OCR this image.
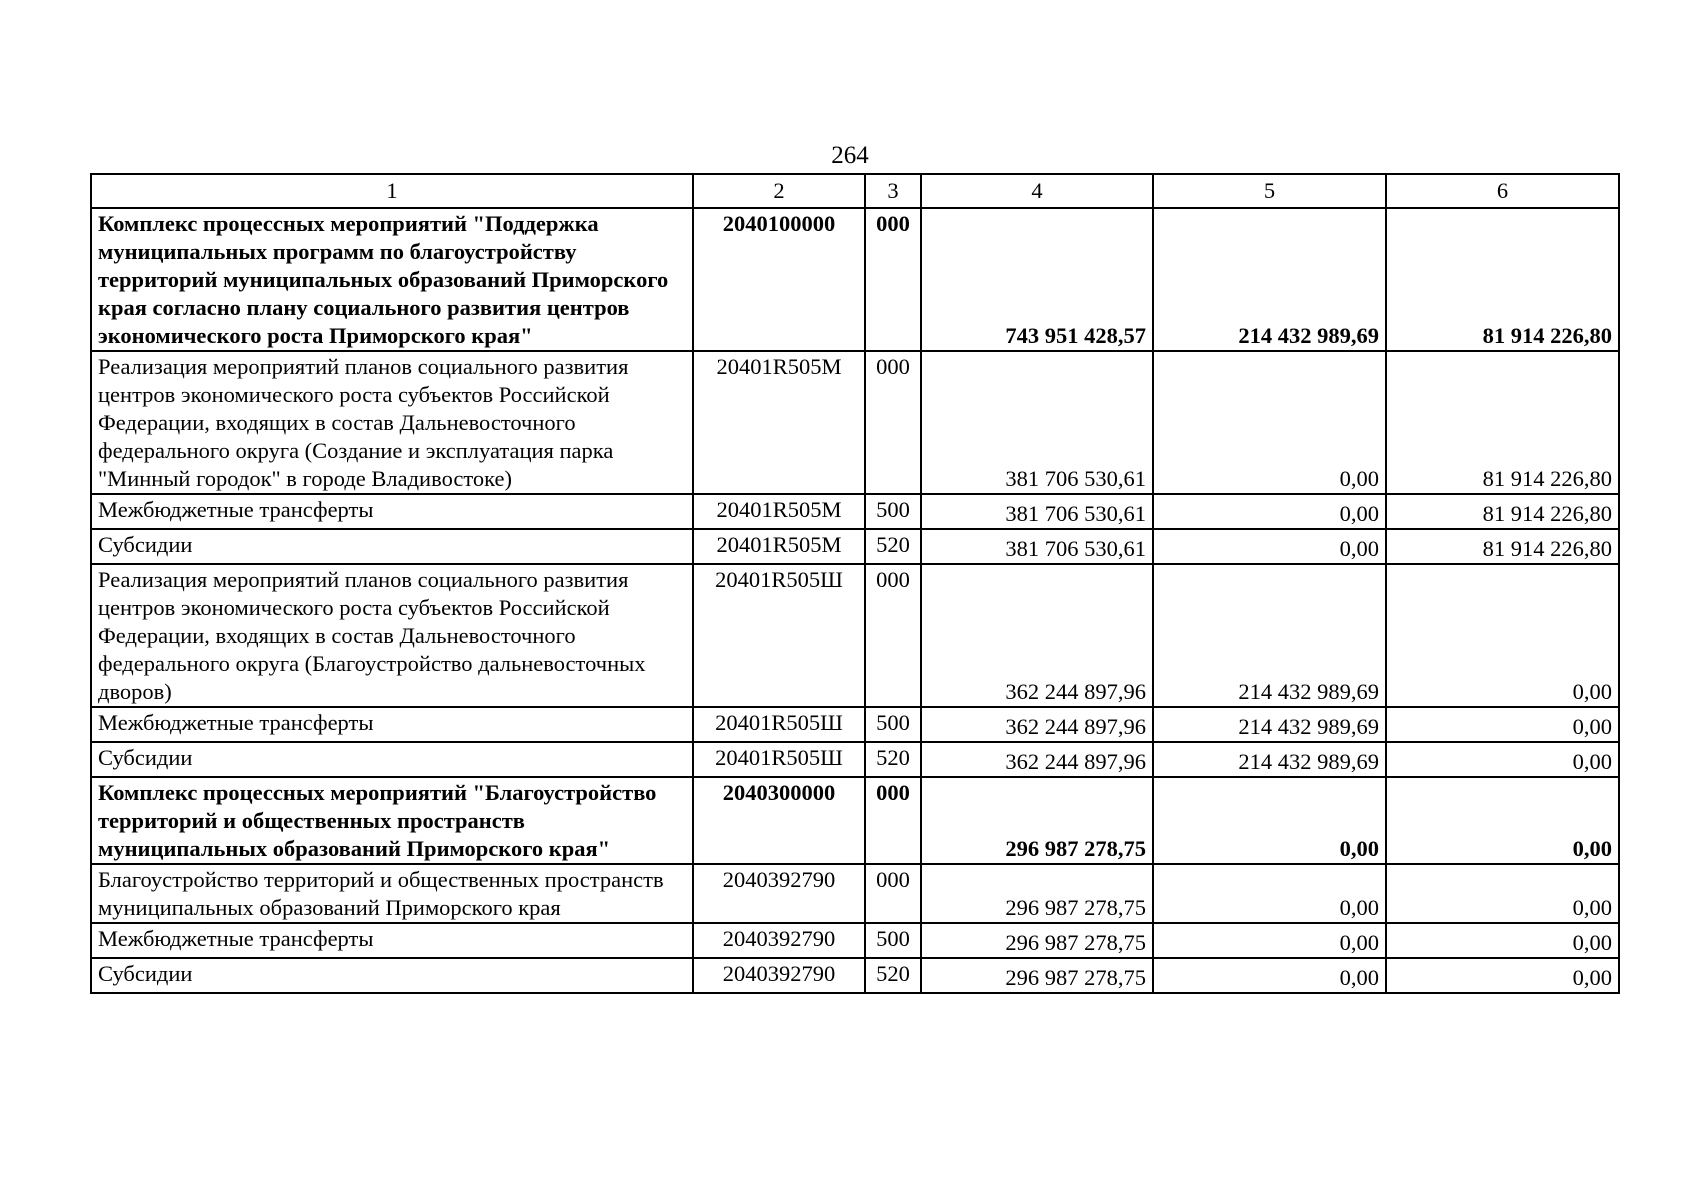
264
1	2	3	4	5	6
Комплекс процессных мероприятий "Поддержка муниципальных программ по благоустройству территорий муниципальных образований Приморского края согласно плану социального развития центров экономического роста Приморского края"	2040100000	000	743 951 428,57	214 432 989,69	81 914 226,80
Реализация мероприятий планов социального развития центров экономического роста субъектов Российской Федерации, входящих в состав Дальневосточного федерального округа (Создание и эксплуатация парка "Минный городок" в городе Владивостоке)	20401R505M	000	381 706 530,61	0,00	81 914 226,80
Межбюджетные трансферты	20401R505M	500	381 706 530,61	0,00	81 914 226,80
Субсидии	20401R505M	520	381 706 530,61	0,00	81 914 226,80
Реализация мероприятий планов социального развития центров экономического роста субъектов Российской Федерации, входящих в состав Дальневосточного федерального округа (Благоустройство дальневосточных дворов)	20401R505Ш	000	362 244 897,96	214 432 989,69	0,00
Межбюджетные трансферты	20401R505Ш	500	362 244 897,96	214 432 989,69	0,00
Субсидии	20401R505Ш	520	362 244 897,96	214 432 989,69	0,00
Комплекс процессных мероприятий "Благоустройство территорий и общественных пространств муниципальных образований Приморского края"	2040300000	000	296 987 278,75	0,00	0,00
Благоустройство территорий и общественных пространств муниципальных образований Приморского края	2040392790	000	296 987 278,75	0,00	0,00
Межбюджетные трансферты	2040392790	500	296 987 278,75	0,00	0,00
Субсидии	2040392790	520	296 987 278,75	0,00	0,00
